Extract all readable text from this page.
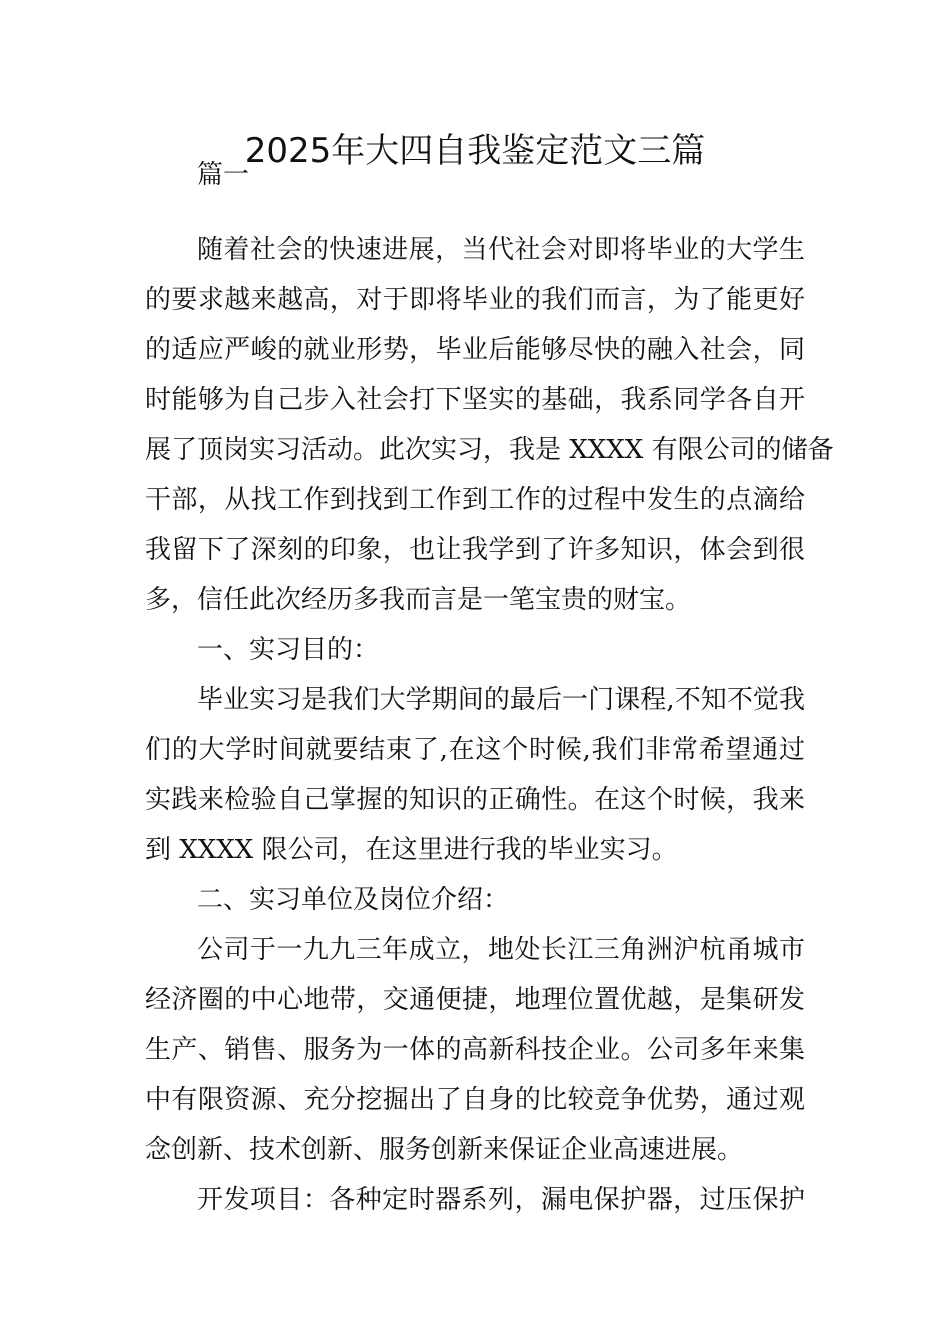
2025年大四自我鉴定范文三篇
篇一
随着社会的快速进展，当代社会对即将毕业的大学生
的要求越来越高，对于即将毕业的我们而言，为了能更好
的适应严峻的就业形势，毕业后能够尽快的融入社会，同
时能够为自己步入社会打下坚实的基础，我系同学各自开
展了顶岗实习活动。此次实习，我是 XXXX 有限公司的储备
干部，从找工作到找到工作到工作的过程中发生的点滴给
我留下了深刻的印象，也让我学到了许多知识，体会到很
多，信任此次经历多我而言是一笔宝贵的财宝。
一、实习目的：
毕业实习是我们大学期间的最后一门课程,不知不觉我
们的大学时间就要结束了,在这个时候,我们非常希望通过
实践来检验自己掌握的知识的正确性。在这个时候，我来
到 XXXX 限公司，在这里进行我的毕业实习。
二、实习单位及岗位介绍：
公司于一九九三年成立，地处长江三角洲沪杭甬城市
经济圈的中心地带，交通便捷，地理位置优越，是集研发
生产、销售、服务为一体的高新科技企业。公司多年来集
中有限资源、充分挖掘出了自身的比较竞争优势，通过观
念创新、技术创新、服务创新来保证企业高速进展。
开发项目：各种定时器系列，漏电保护器，过压保护
